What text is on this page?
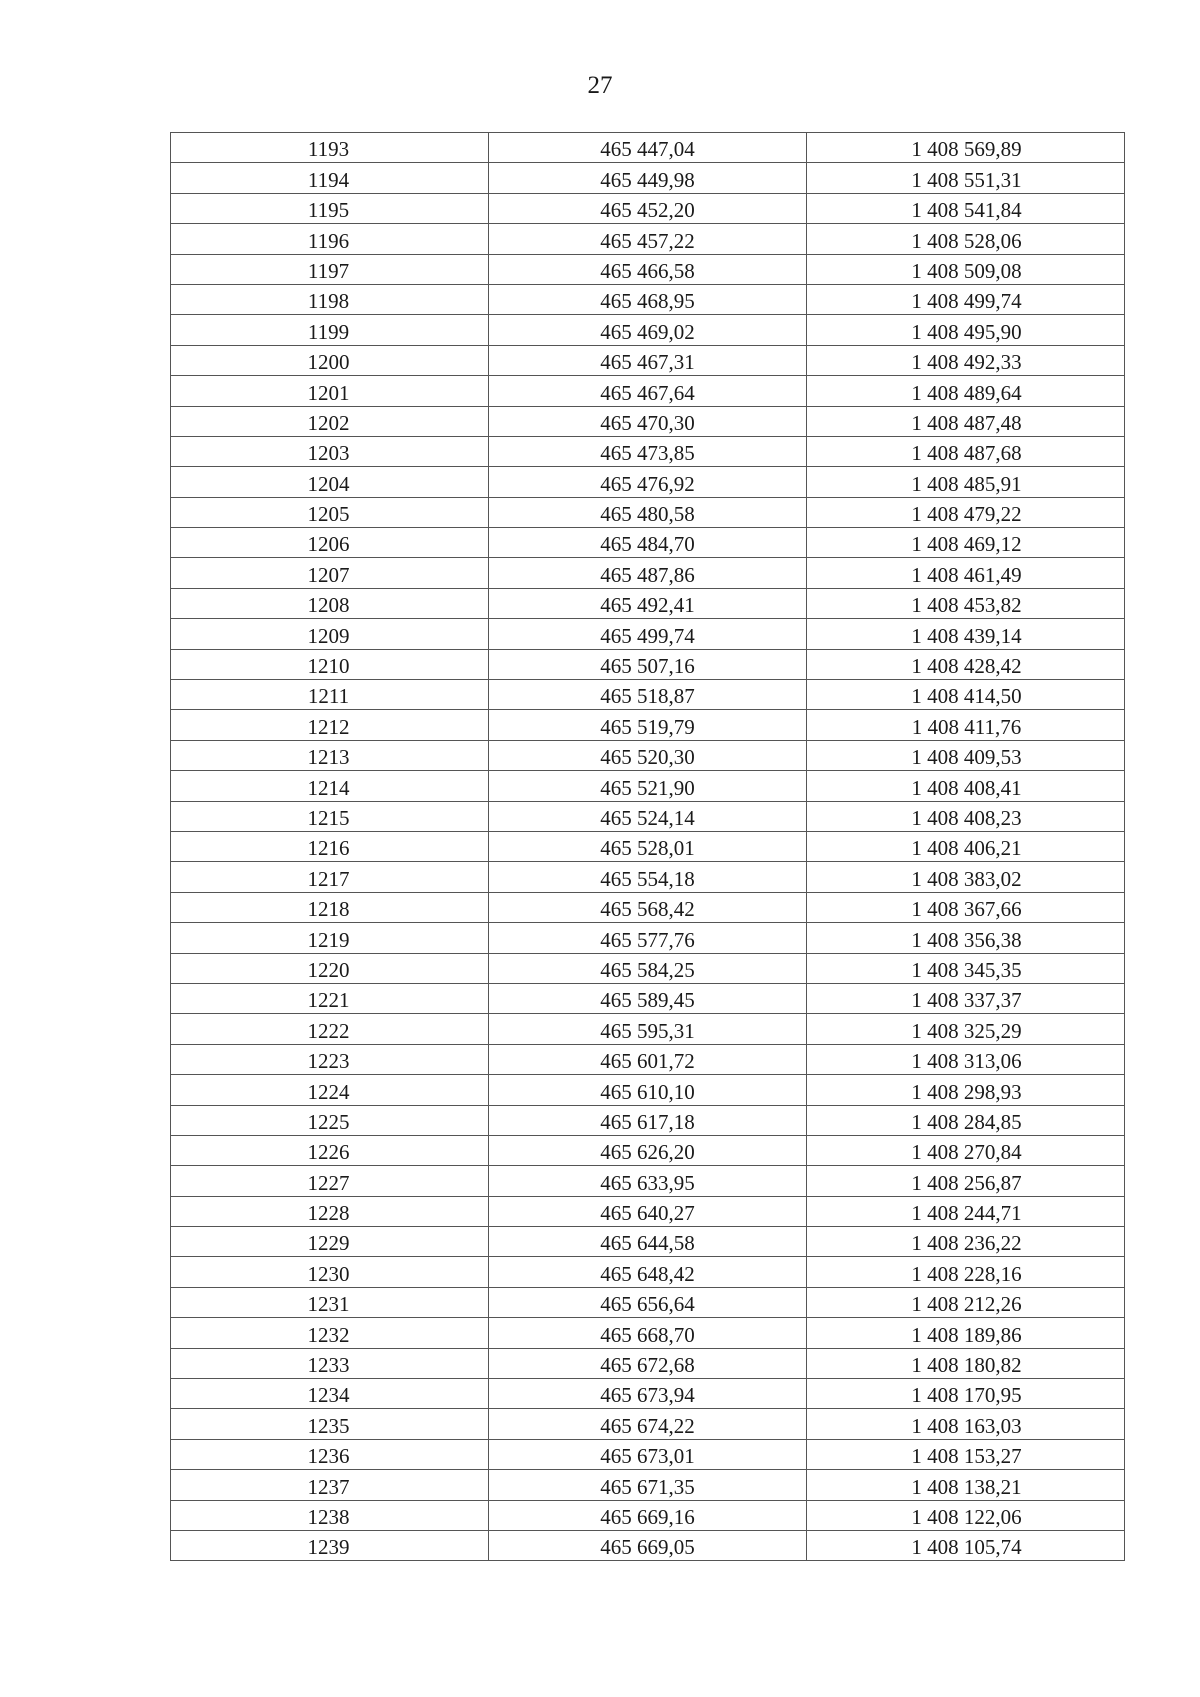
27
1193	465 447,04	1 408 569,89
1194	465 449,98	1 408 551,31
1195	465 452,20	1 408 541,84
1196	465 457,22	1 408 528,06
1197	465 466,58	1 408 509,08
1198	465 468,95	1 408 499,74
1199	465 469,02	1 408 495,90
1200	465 467,31	1 408 492,33
1201	465 467,64	1 408 489,64
1202	465 470,30	1 408 487,48
1203	465 473,85	1 408 487,68
1204	465 476,92	1 408 485,91
1205	465 480,58	1 408 479,22
1206	465 484,70	1 408 469,12
1207	465 487,86	1 408 461,49
1208	465 492,41	1 408 453,82
1209	465 499,74	1 408 439,14
1210	465 507,16	1 408 428,42
1211	465 518,87	1 408 414,50
1212	465 519,79	1 408 411,76
1213	465 520,30	1 408 409,53
1214	465 521,90	1 408 408,41
1215	465 524,14	1 408 408,23
1216	465 528,01	1 408 406,21
1217	465 554,18	1 408 383,02
1218	465 568,42	1 408 367,66
1219	465 577,76	1 408 356,38
1220	465 584,25	1 408 345,35
1221	465 589,45	1 408 337,37
1222	465 595,31	1 408 325,29
1223	465 601,72	1 408 313,06
1224	465 610,10	1 408 298,93
1225	465 617,18	1 408 284,85
1226	465 626,20	1 408 270,84
1227	465 633,95	1 408 256,87
1228	465 640,27	1 408 244,71
1229	465 644,58	1 408 236,22
1230	465 648,42	1 408 228,16
1231	465 656,64	1 408 212,26
1232	465 668,70	1 408 189,86
1233	465 672,68	1 408 180,82
1234	465 673,94	1 408 170,95
1235	465 674,22	1 408 163,03
1236	465 673,01	1 408 153,27
1237	465 671,35	1 408 138,21
1238	465 669,16	1 408 122,06
1239	465 669,05	1 408 105,74
